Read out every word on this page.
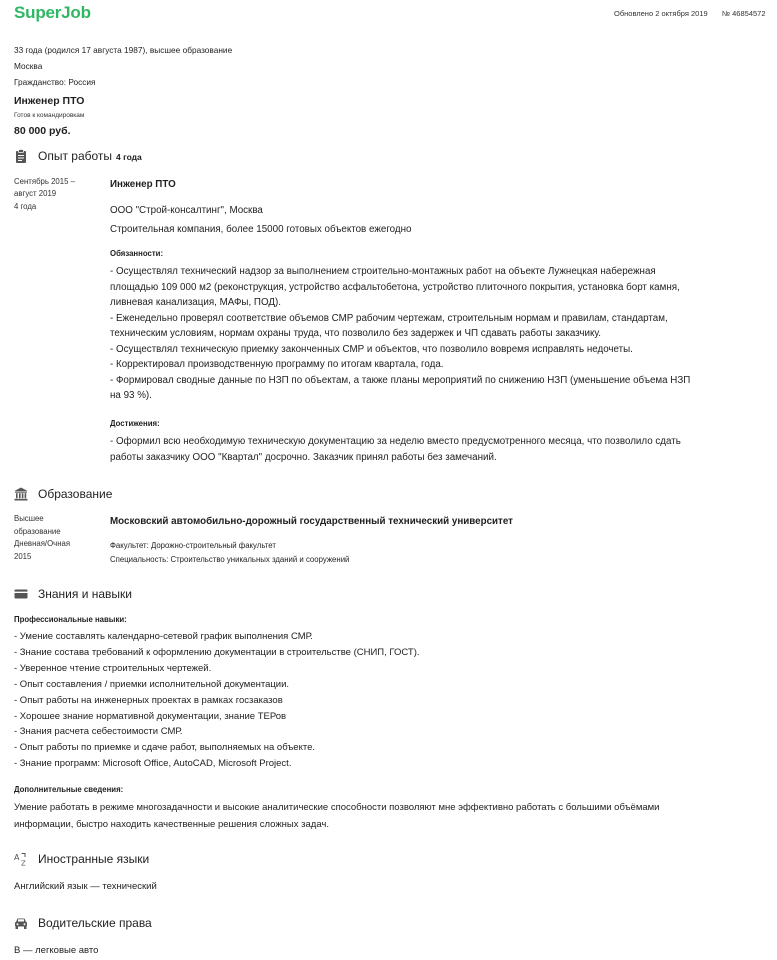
SuperJob	Обновлено 2 октября 2019 № 46854572
33 года (родился 17 августа 1987), высшее образование
Москва
Гражданство: Россия
Инженер ПТО
Готов к командировкам
80 000 руб.
Опыт работы 4 года
Сентябрь 2015 –
август 2019
4 года
Инженер ПТО
ООО "Строй-консалтинг", Москва
Строительная компания, более 15000 готовых объектов ежегодно
Обязанности:
- Осуществлял технический надзор за выполнением строительно-монтажных работ на объекте Лужнецкая набережная
площадью 109 000 м2 (реконструкция, устройство асфальтобетона, устройство плиточного покрытия, установка борт камня,
ливневая канализация, МАФы, ПОД).
- Еженедельно проверял соответствие объемов СМР рабочим чертежам, строительным нормам и правилам, стандартам,
техническим условиям, нормам охраны труда, что позволило без задержек и ЧП сдавать работы заказчику.
- Осуществлял техническую приемку законченных СМР и объектов, что позволило вовремя исправлять недочеты.
- Корректировал производственную программу по итогам квартала, года.
- Формировал сводные данные по НЗП по объектам, а также планы мероприятий по снижению НЗП (уменьшение объема НЗП
на 93 %).
Достижения:
- Оформил всю необходимую техническую документацию за неделю вместо предусмотренного месяца, что позволило сдать
работы заказчику ООО "Квартал" досрочно. Заказчик принял работы без замечаний.
Образование
Высшее
образование
Дневная/Очная
2015
Московский автомобильно-дорожный государственный технический университет
Факультет: Дорожно-строительный факультет
Специальность: Строительство уникальных зданий и сооружений
Знания и навыки
Профессиональные навыки:
- Умение составлять календарно-сетевой график выполнения СМР.
- Знание состава требований к оформлению документации в строительстве (СНИП, ГОСТ).
- Уверенное чтение строительных чертежей.
- Опыт составления / приемки исполнительной документации.
- Опыт работы на инженерных проектах в рамках госзаказов
- Хорошее знание нормативной документации, знание ТЕРов
- Знания расчета себестоимости СМР.
- Опыт работы по приемке и сдаче работ, выполняемых на объекте.
- Знание программ: Microsoft Office, AutoCAD, Microsoft Project.
Дополнительные сведения:
Умение работать в режиме многозадачности и высокие аналитические способности позволяют мне эффективно работать с большими объёмами
информации, быстро находить качественные решения сложных задач.
A
Z Иностранные языки
Английский язык — технический
Водительские права
B — легковые авто
